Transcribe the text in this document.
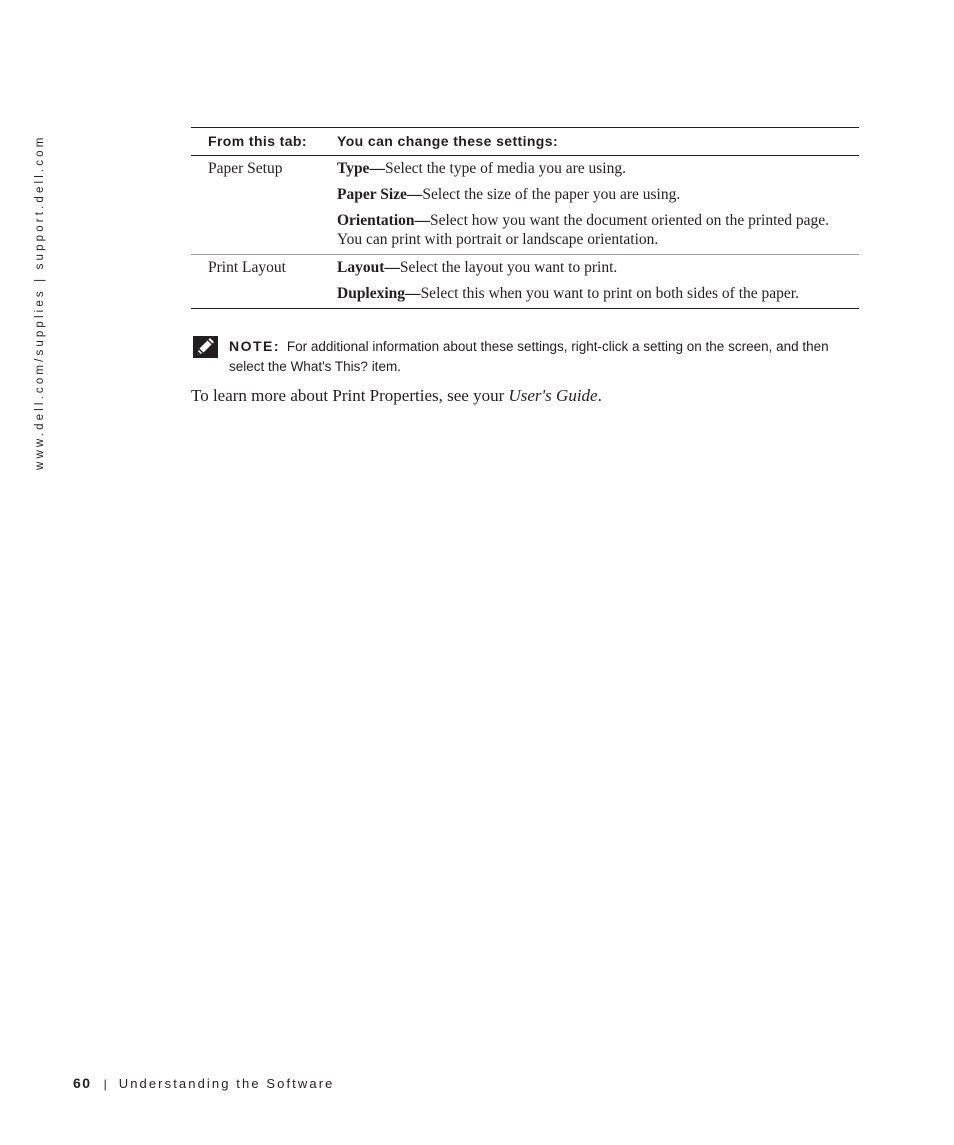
www.dell.com/supplies | support.dell.com	From this tab:	You can change these settings:
Paper Setup	Type—Select the type of media you are using.

Paper Size—Select the size of the paper you are using.

Orientation—Select how you want the document oriented on the printed page. You can print with portrait or landscape orientation.

Print Layout	Layout—Select the layout you want to print.

Duplexing—Select this when you want to print on both sides of the paper.

NOTE: For additional information about these settings, right-click a setting on the screen, and then select the What's This? item.

To learn more about Print Properties, see your User's Guide.

60 | Understanding the Software
